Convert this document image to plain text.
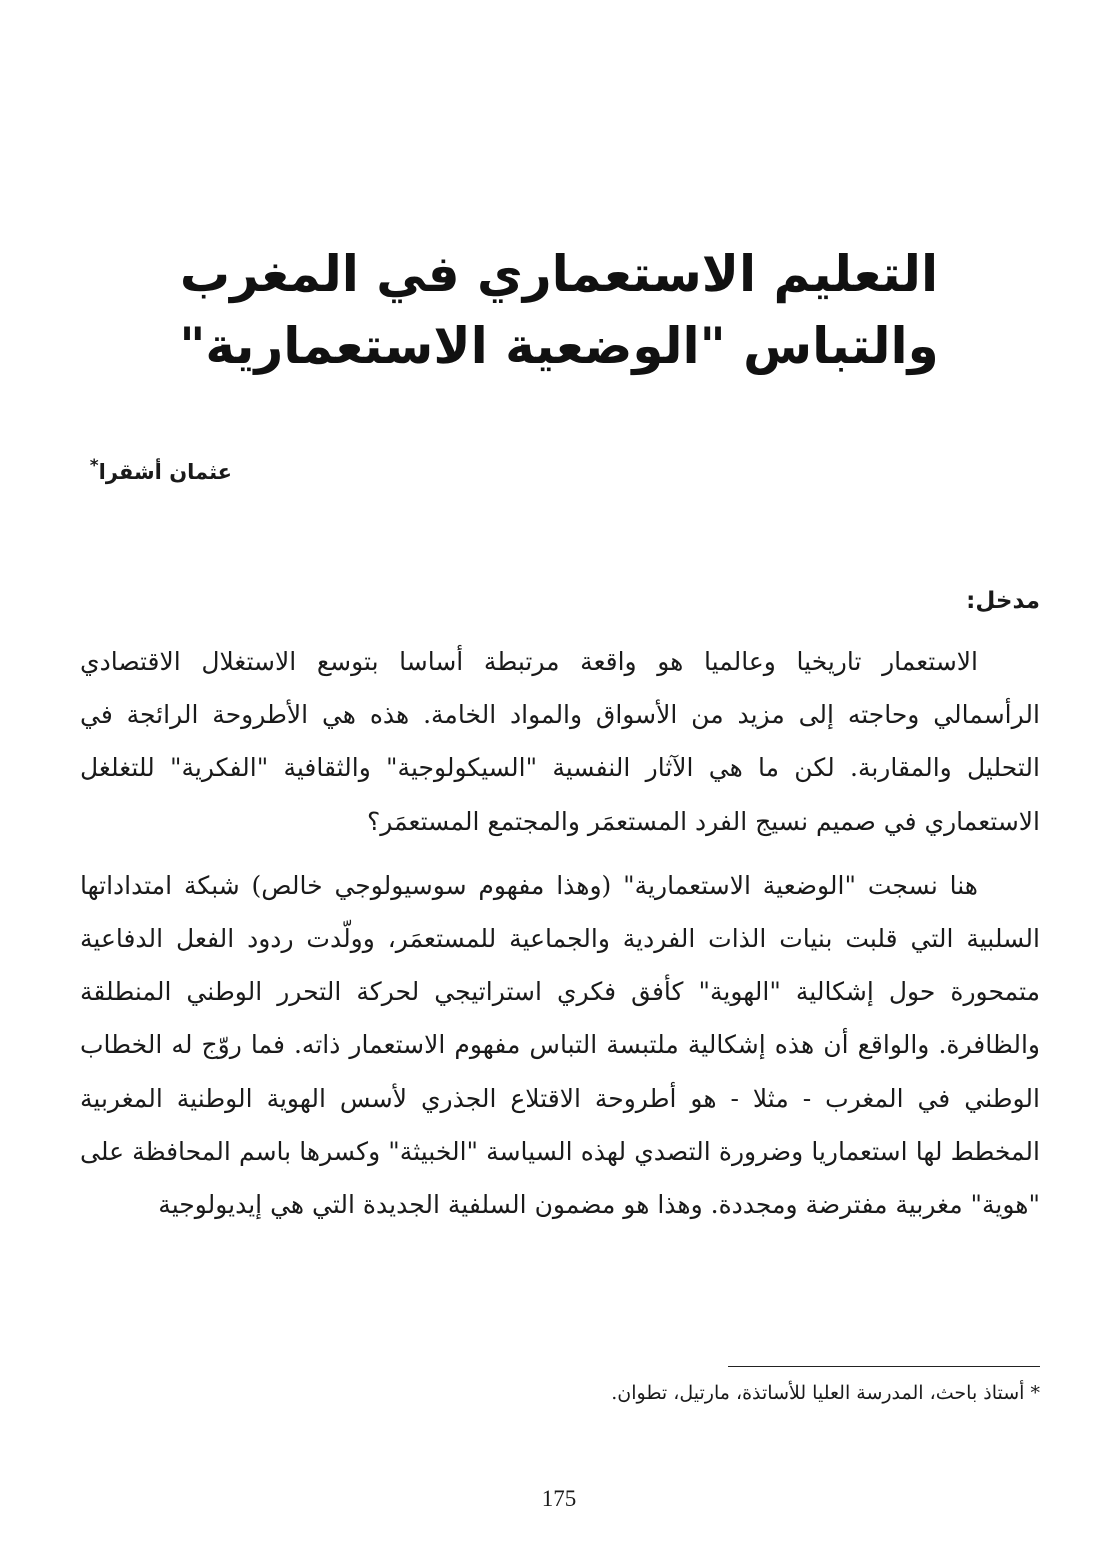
التعليم الاستعماري في المغرب
والتباس "الوضعية الاستعمارية"
عثمان أشقرا*
مدخل:

الاستعمار تاريخيا وعالميا هو واقعة مرتبطة أساسا بتوسع الاستغلال الاقتصادي الرأسمالي وحاجته إلى مزيد من الأسواق والمواد الخامة. هذه هي الأطروحة الرائجة في التحليل والمقاربة. لكن ما هي الآثار النفسية "السيكولوجية" والثقافية "الفكرية" للتغلغل الاستعماري في صميم نسيج الفرد المستعمَر والمجتمع المستعمَر؟

هنا نسجت "الوضعية الاستعمارية" (وهذا مفهوم سوسيولوجي خالص) شبكة امتداداتها السلبية التي قلبت بنيات الذات الفردية والجماعية للمستعمَر، وولّدت ردود الفعل الدفاعية متمحورة حول إشكالية "الهوية" كأفق فكري استراتيجي لحركة التحرر الوطني المنطلقة والظافرة. والواقع أن هذه إشكالية ملتبسة التباس مفهوم الاستعمار ذاته. فما روّج له الخطاب الوطني في المغرب - مثلا - هو أطروحة الاقتلاع الجذري لأسس الهوية الوطنية المغربية المخطط لها استعماريا وضرورة التصدي لهذه السياسة "الخبيثة" وكسرها باسم المحافظة على "هوية" مغربية مفترضة ومجددة. وهذا هو مضمون السلفية الجديدة التي هي إيديولوجية

* أستاذ باحث، المدرسة العليا للأساتذة، مارتيل، تطوان.
175
